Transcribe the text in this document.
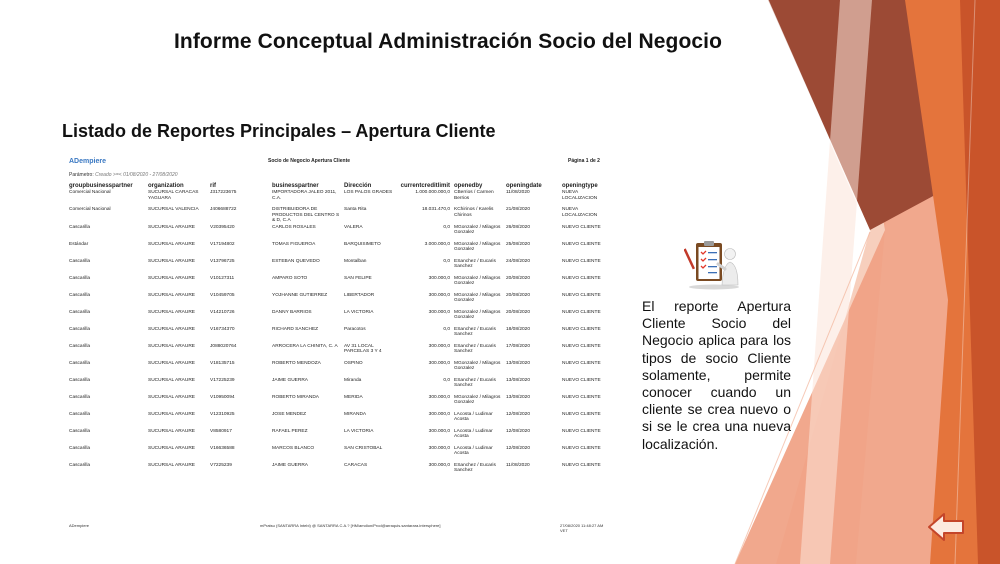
Informe Conceptual Administración Socio del Negocio
Listado de Reportes Principales – Apertura Cliente
ADempiere	Socio de Negocio Apertura Cliente	Página 1 de 2
Parámetro: Creado >=< 01/08/2020 - 27/08/2020
groupbusinesspartner	organization	rif	businesspartner	Dirección	currentcreditlimit	openedby	openingdate	openingtype
Comercial Nacional	SUCURSAL CARACAS YAGUARA	J317223675	IMPORTADORA JALEO 2011, C.A.	LOS PALOS GRADES	1.000.000.000,0	CBerrios / Carmen Berrios	11/08/2020	NUEVA LOCALIZACION
Comercial Nacional	SUCURSAL VALENCIA	J406688722	DISTRIBUIDORA DE PRODUCTOS DEL CENTRO S & D, C.A	Santa Rita	18.031.470,0	KChirinos / Karelis Chirinos	21/08/2020	NUEVA LOCALIZACION
Cascarilla	SUCURSAL ARAURE	V20395420	CARLOS ROSALES	VALERA	0,0	MGonzalez / Milagros Gonzalez	26/08/2020	NUEVO CLIENTE
Estándar	SUCURSAL ARAURE	V17194802	TOMAS FIGUEROA	BARQUISIMETO	3.000.000,0	MGonzalez / Milagros Gonzalez	25/08/2020	NUEVO CLIENTE
Cascarilla	SUCURSAL ARAURE	V13796725	ESTEBAN QUEVEDO	Montalban	0,0	ESanchez / Eucaris Sanchez	24/08/2020	NUEVO CLIENTE
Cascarilla	SUCURSAL ARAURE	V10127311	AMPARO SOTO	SAN FELIPE	300.000,0	MGonzalez / Milagros Gonzalez	20/08/2020	NUEVO CLIENTE
Cascarilla	SUCURSAL ARAURE	V10459705	YOJHANNE GUTIERREZ	LIBERTADOR	300.000,0	MGonzalez / Milagros Gonzalez	20/08/2020	NUEVO CLIENTE
Cascarilla	SUCURSAL ARAURE	V14210726	DANNY BARRIOS	LA VICTORIA	300.000,0	MGonzalez / Milagros Gonzalez	20/08/2020	NUEVO CLIENTE
Cascarilla	SUCURSAL ARAURE	V16734370	RICHARD SANCHEZ	Paracotos	0,0	ESanchez / Eucaris Sanchez	18/08/2020	NUEVO CLIENTE
Cascarilla	SUCURSAL ARAURE	J088020764	ARROCERA LA CHINITA, C. A	AV 31 LOCAL PARCELAS 3 Y 4	300.000,0	ESanchez / Eucaris Sanchez	17/08/2020	NUEVO CLIENTE
Cascarilla	SUCURSAL ARAURE	V18135715	ROBERTO MENDOZA	OSPINO	300.000,0	MGonzalez / Milagros Gonzalez	13/08/2020	NUEVO CLIENTE
Cascarilla	SUCURSAL ARAURE	V17225239	JAIME GUERRA	Miranda	0,0	ESanchez / Eucaris Sanchez	13/08/2020	NUEVO CLIENTE
Cascarilla	SUCURSAL ARAURE	V10950094	ROBERTO MIRANDA	MERIDA	300.000,0	MGonzalez / Milagros Gonzalez	13/08/2020	NUEVO CLIENTE
Cascarilla	SUCURSAL ARAURE	V12310925	JOSE MENDEZ	MIRANDA	300.000,0	LAcosta / Ludimar Acosta	12/08/2020	NUEVO CLIENTE
Cascarilla	SUCURSAL ARAURE	V8580917	RAFAEL PEREZ	LA VICTORIA	300.000,0	LAcosta / Ludimar Acosta	12/08/2020	NUEVO CLIENTE
Cascarilla	SUCURSAL ARAURE	V16636588	MARCOS BLANCO	SAN CRISTOBAL	300.000,0	LAcosta / Ludimar Acosta	12/08/2020	NUEVO CLIENTE
Cascarilla	SUCURSAL ARAURE	V7225239	JAIME GUERRA	CARACAS	300.000,0	ESanchez / Eucaris Sanchez	11/08/2020	NUEVO CLIENTE
ADempiere	mPratsu (SANTARRA Intebi) @ SANTARRA C.A.? [HM/amdion/Prod@arraquis.santarara.intersphere]	27/08/2020 11:48:27 AM VET
El reporte Apertura Cliente Socio del Negocio aplica para los tipos de socio Cliente solamente, permite conocer cuando un cliente se crea nuevo o si se le crea una nueva localización.
